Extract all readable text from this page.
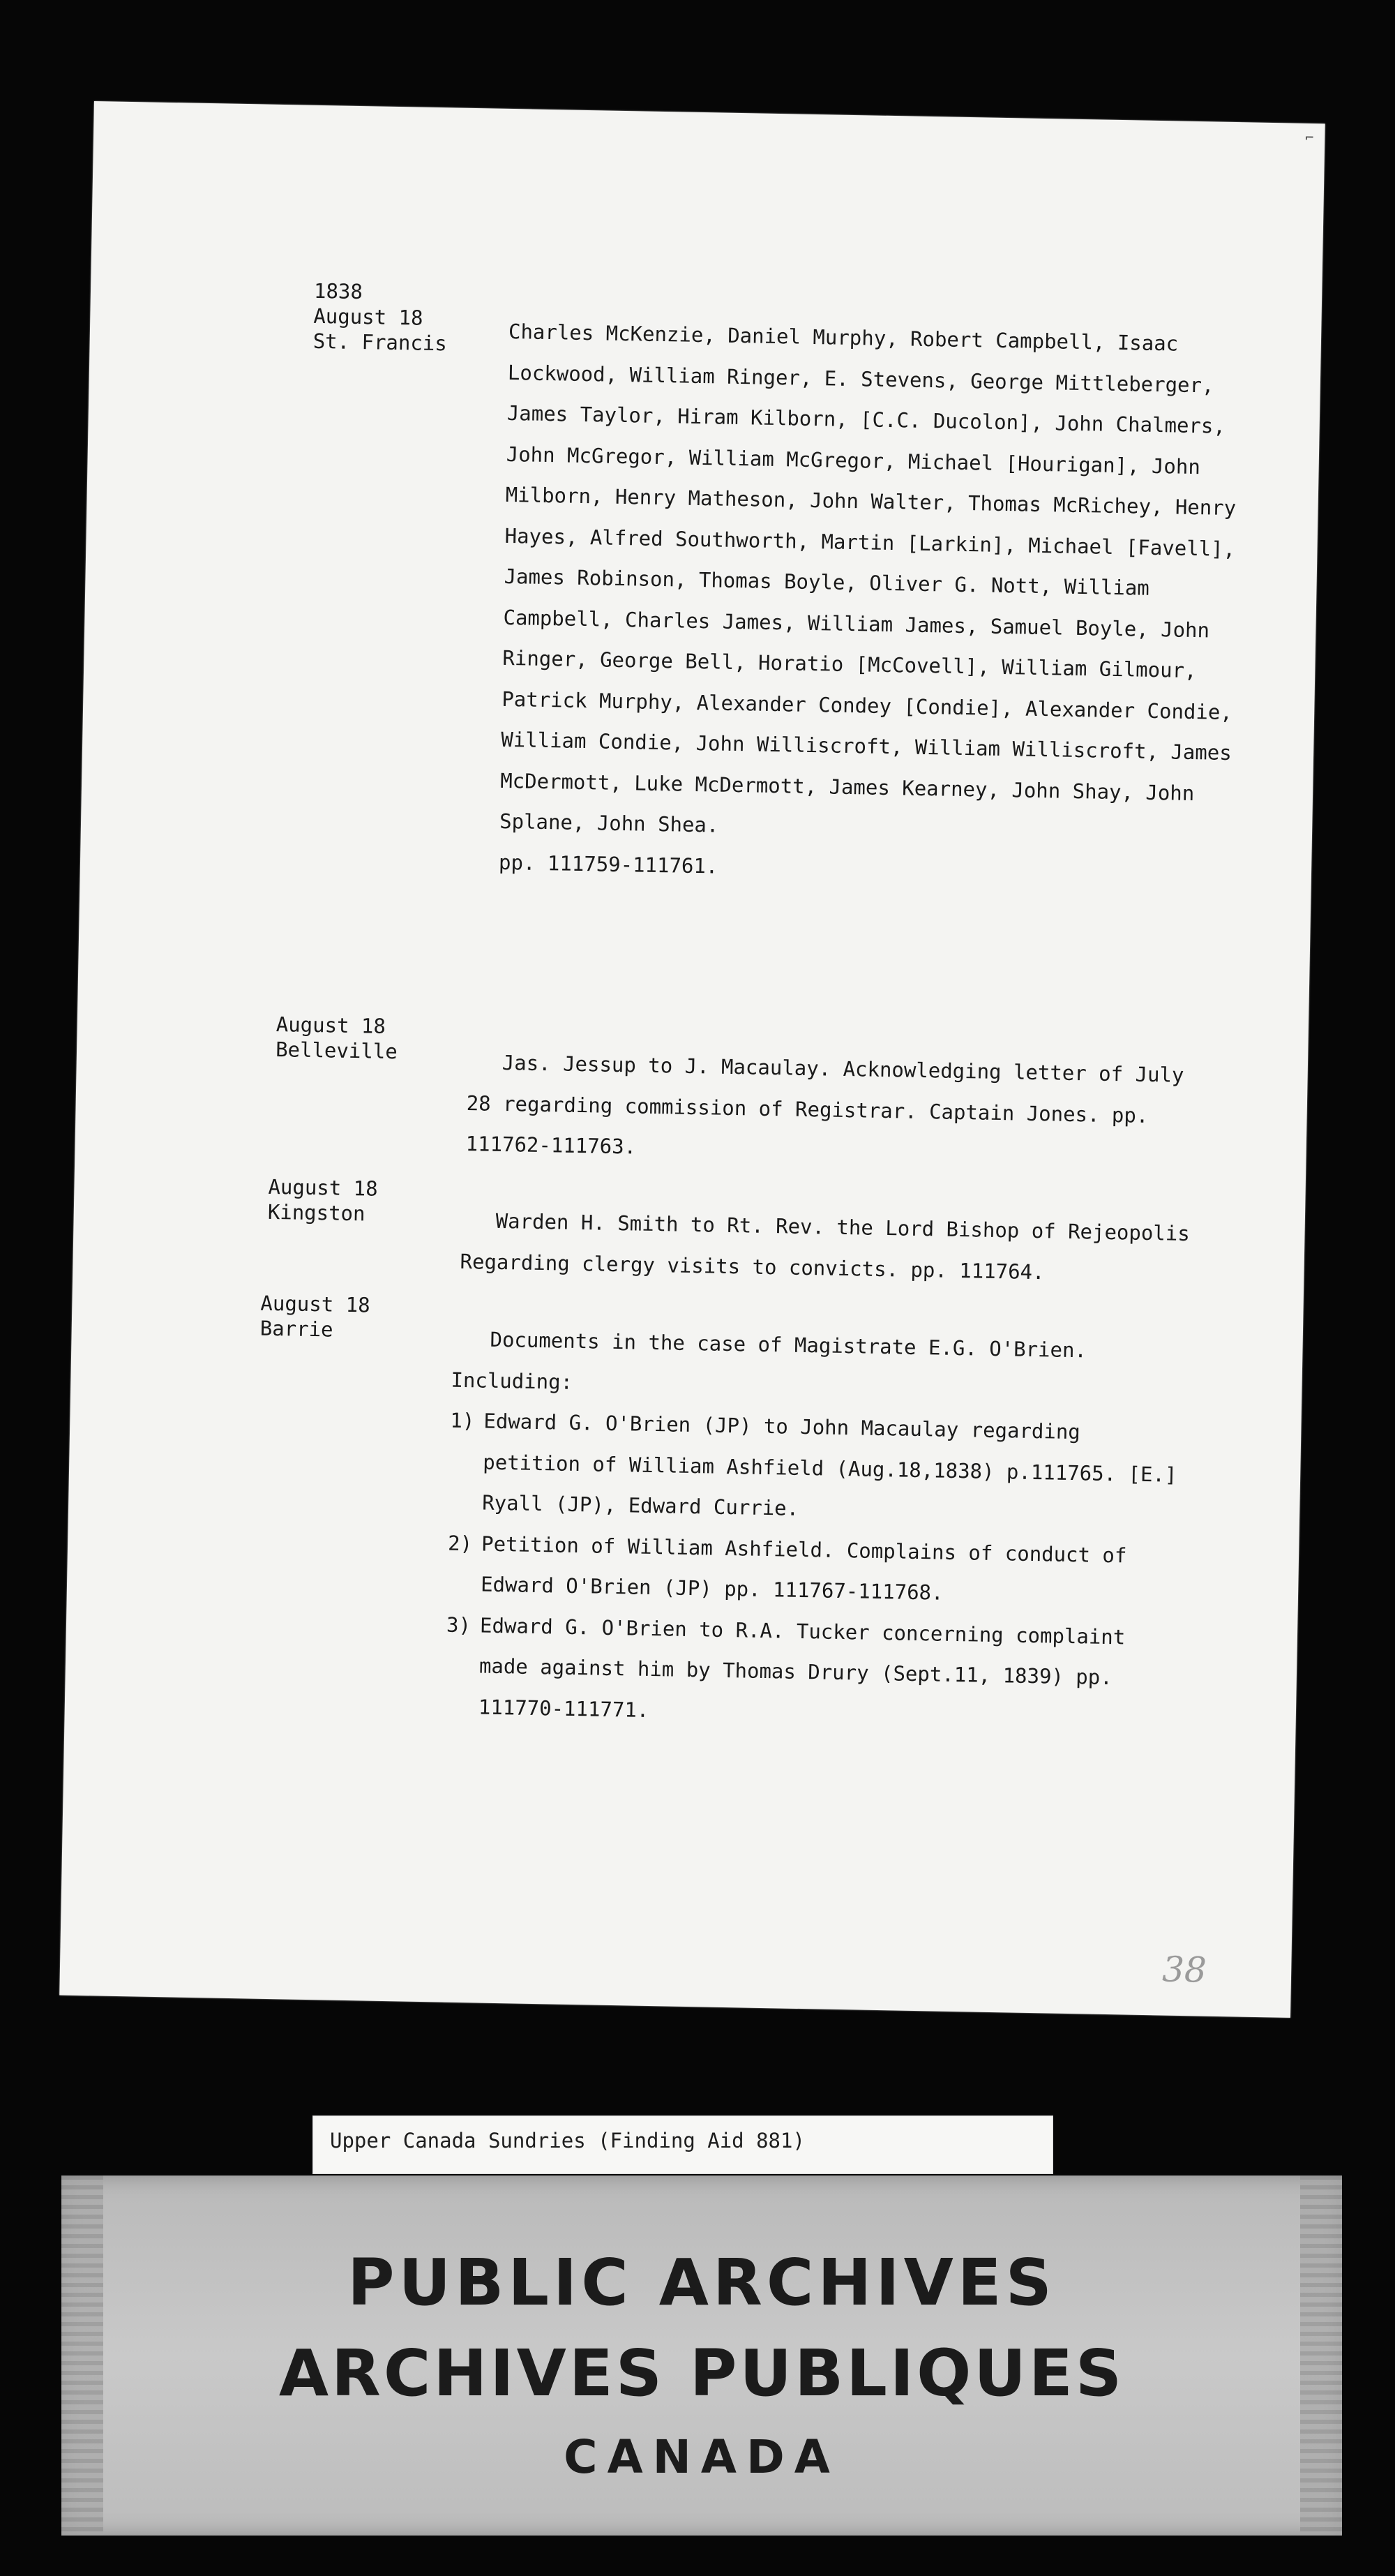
⌐
1838
August 18
St. Francis	Charles McKenzie, Daniel Murphy, Robert Campbell, Isaac Lockwood, William Ringer, E. Stevens, George Mittleberger, James Taylor, Hiram Kilborn, [C.C. Ducolon], John Chalmers, John McGregor, William McGregor, Michael [Hourigan], John Milborn, Henry Matheson, John Walter, Thomas McRichey, Henry Hayes, Alfred Southworth, Martin [Larkin], Michael [Favell], James Robinson, Thomas Boyle, Oliver G. Nott, William Campbell, Charles James, William James, Samuel Boyle, John Ringer, George Bell, Horatio [McCovell], William Gilmour, Patrick Murphy, Alexander Condey [Condie], Alexander Condie, William Condie, John Williscroft, William Williscroft, James McDermott, Luke McDermott, James Kearney, John Shay, John Splane, John Shea.

pp. 111759-111761.

August 18
Belleville

Jas. Jessup to J. Macaulay. Acknowledging letter of July 28 regarding commission of Registrar. Captain Jones. pp. 111762-111763.

August 18
Kingston	Warden H. Smith to Rt. Rev. the Lord Bishop of Rejeopolis Regarding clergy visits to convicts. pp. 111764.

August 18
Barrie	Documents in the case of Magistrate E.G. O'Brien.

Including:

1) Edward G. O'Brien (JP) to John Macaulay regarding petition of William Ashfield (Aug.18,1838) p.111765. [E.] Ryall (JP), Edward Currie.
2) Petition of William Ashfield. Complains of conduct of Edward O'Brien (JP) pp. 111767-111768.
3) Edward G. O'Brien to R.A. Tucker concerning complaint made against him by Thomas Drury (Sept.11, 1839) pp. 111770-111771.
38
Upper Canada Sundries (Finding Aid 881)
PUBLIC ARCHIVES
ARCHIVES PUBLIQUES
CANADA
